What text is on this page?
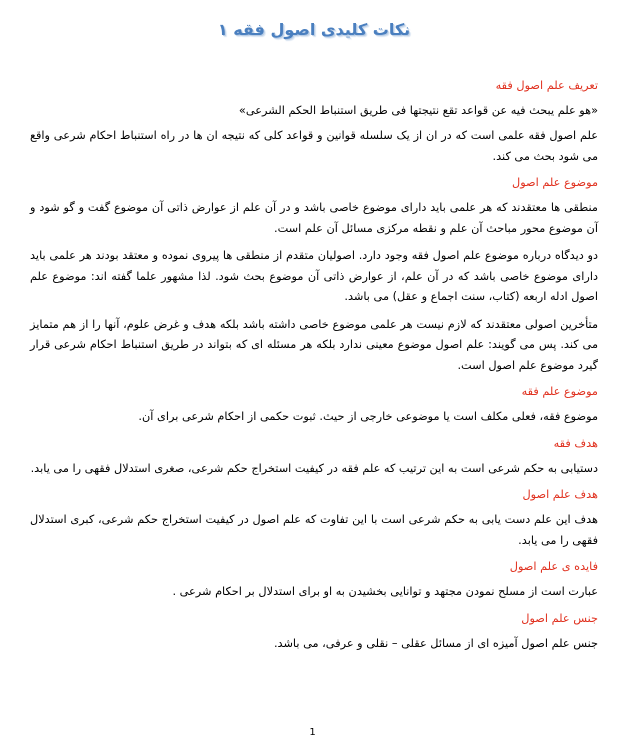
نکات کلیدی اصول فقه ۱
تعریف علم اصول فقه

«هو علم یبحث فیه عن قواعد تقع نتیجتها فی طریق استنباط الحکم الشرعی»

علم اصول فقه علمی است که در ان از یک سلسله قوانین و قواعد کلی که نتیجه ان ها در راه استنباط احکام شرعی واقع می شود بحث می کند.

موضوع علم اصول

منطقی ها معتقدند که هر علمی باید دارای موضوع خاصی باشد و در آن علم از عوارض ذاتی آن موضوع گفت و گو شود و آن موضوع محور مباحث آن علم و نقطه مرکزی مسائل آن علم است.

دو دیدگاه درباره موضوع علم اصول فقه وجود دارد. اصولیان متقدم از منطقی ها پیروی نموده و معتقد بودند هر علمی باید دارای موضوع خاصی باشد که در آن علم، از عوارض ذاتی آن موضوع بحث شود. لذا مشهور علما گفته اند: موضوع علم اصول ادله اربعه (کتاب، سنت اجماع و عقل) می باشد.

متأخرین اصولی معتقدند که لازم نیست هر علمی موضوع خاصی داشته باشد بلکه هدف و غرض علوم، آنها را از هم متمایز می کند. پس می گویند: علم اصول موضوع معینی ندارد بلکه هر مسئله ای که بتواند در طریق استنباط احکام شرعی قرار گیرد موضوع علم اصول است.

موضوع علم فقه

موضوع فقه، فعلی مکلف است یا موضوعی خارجی از حیث. ثبوت حکمی از احکام شرعی برای آن.

هدف فقه

دستیابی به حکم شرعی است به این ترتیب که علم فقه در کیفیت استخراج حکم شرعی، صغری استدلال فقهی را می یابد.

هدف علم اصول

هدف این علم دست یابی به حکم شرعی است با این تفاوت که علم اصول در کیفیت استخراج حکم شرعی، کبری استدلال فقهی را می یابد.

فایده ی علم اصول

عبارت است از مسلح نمودن مجتهد و توانایی بخشیدن به او برای استدلال بر احکام شرعی .

جنس علم اصول

جنس علم اصول آمیزه ای از مسائل عقلی – نقلی و عرفی، می باشد.

1
